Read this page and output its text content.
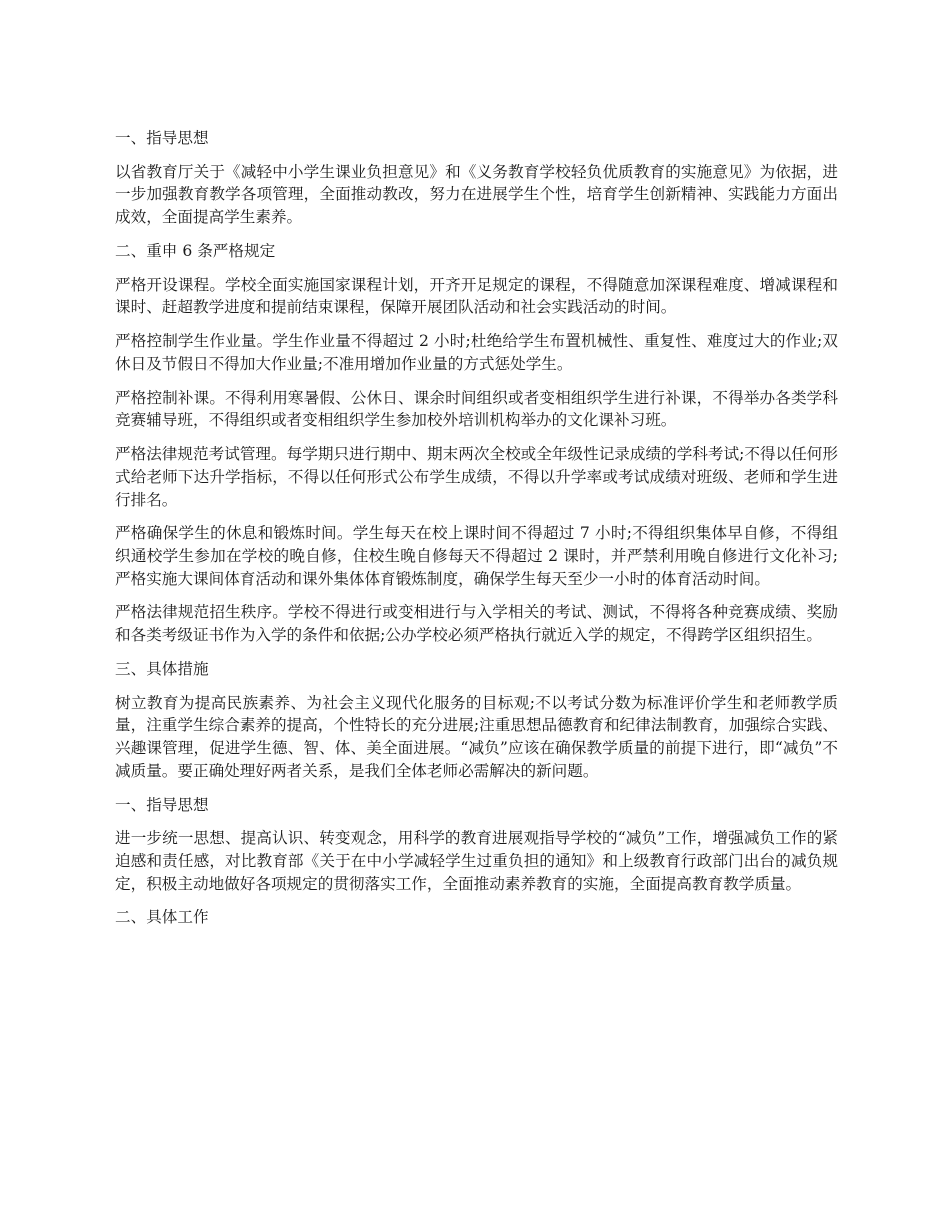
一、指导思想

以省教育厅关于《减轻中小学生课业负担意见》和《义务教育学校轻负优质教育的实施意见》为依据，进一步加强教育教学各项管理，全面推动教改，努力在进展学生个性，培育学生创新精神、实践能力方面出成效，全面提高学生素养。

二、重申 6 条严格规定

严格开设课程。学校全面实施国家课程计划，开齐开足规定的课程，不得随意加深课程难度、增减课程和课时、赶超教学进度和提前结束课程，保障开展团队活动和社会实践活动的时间。

严格控制学生作业量。学生作业量不得超过 2 小时;杜绝给学生布置机械性、重复性、难度过大的作业;双休日及节假日不得加大作业量;不准用增加作业量的方式惩处学生。

严格控制补课。不得利用寒暑假、公休日、课余时间组织或者变相组织学生进行补课，不得举办各类学科竞赛辅导班，不得组织或者变相组织学生参加校外培训机构举办的文化课补习班。

严格法律规范考试管理。每学期只进行期中、期末两次全校或全年级性记录成绩的学科考试;不得以任何形式给老师下达升学指标，不得以任何形式公布学生成绩，不得以升学率或考试成绩对班级、老师和学生进行排名。

严格确保学生的休息和锻炼时间。学生每天在校上课时间不得超过 7 小时;不得组织集体早自修，不得组织通校学生参加在学校的晚自修，住校生晚自修每天不得超过 2 课时，并严禁利用晚自修进行文化补习;严格实施大课间体育活动和课外集体体育锻炼制度，确保学生每天至少一小时的体育活动时间。

严格法律规范招生秩序。学校不得进行或变相进行与入学相关的考试、测试，不得将各种竞赛成绩、奖励和各类考级证书作为入学的条件和依据;公办学校必须严格执行就近入学的规定，不得跨学区组织招生。

三、具体措施

树立教育为提高民族素养、为社会主义现代化服务的目标观;不以考试分数为标准评价学生和老师教学质量，注重学生综合素养的提高，个性特长的充分进展;注重思想品德教育和纪律法制教育，加强综合实践、兴趣课管理，促进学生德、智、体、美全面进展。“减负”应该在确保教学质量的前提下进行，即“减负”不减质量。要正确处理好两者关系，是我们全体老师必需解决的新问题。

一、指导思想

进一步统一思想、提高认识、转变观念，用科学的教育进展观指导学校的“减负”工作，增强减负工作的紧迫感和责任感，对比教育部《关于在中小学减轻学生过重负担的通知》和上级教育行政部门出台的减负规定，积极主动地做好各项规定的贯彻落实工作，全面推动素养教育的实施，全面提高教育教学质量。

二、具体工作
